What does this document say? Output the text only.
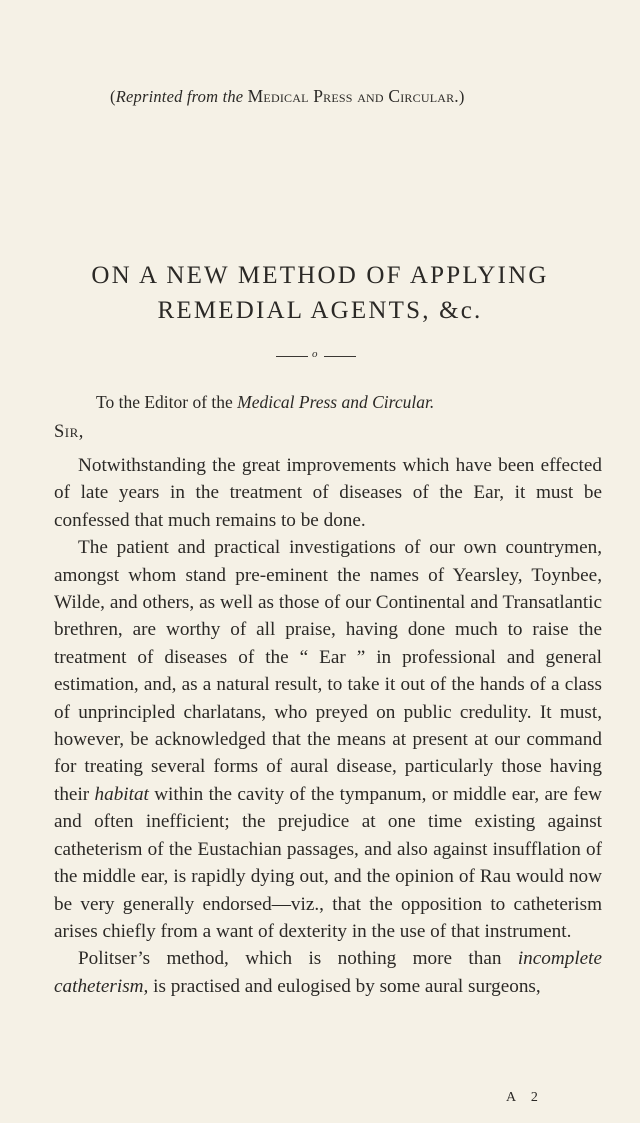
(Reprinted from the Medical Press and Circular.)
ON A NEW METHOD OF APPLYING
REMEDIAL AGENTS, &c.
o
To the Editor of the Medical Press and Circular.
Sir,

Notwithstanding the great improvements which have been effected of late years in the treatment of diseases of the Ear, it must be confessed that much remains to be done.

The patient and practical investigations of our own countrymen, amongst whom stand pre-eminent the names of Yearsley, Toynbee, Wilde, and others, as well as those of our Continental and Transatlantic brethren, are worthy of all praise, having done much to raise the treatment of diseases of the “ Ear ” in professional and general estimation, and, as a natural result, to take it out of the hands of a class of unprincipled charlatans, who preyed on public credulity. It must, however, be acknowledged that the means at present at our command for treating several forms of aural disease, particularly those having their habitat within the cavity of the tympanum, or middle ear, are few and often inefficient; the prejudice at one time existing against catheterism of the Eustachian passages, and also against insufflation of the middle ear, is rapidly dying out, and the opinion of Rau would now be very generally endorsed—viz., that the opposition to catheterism arises chiefly from a want of dexterity in the use of that instrument.

Politser’s method, which is nothing more than incomplete catheterism, is practised and eulogised by some aural surgeons,

A 2
